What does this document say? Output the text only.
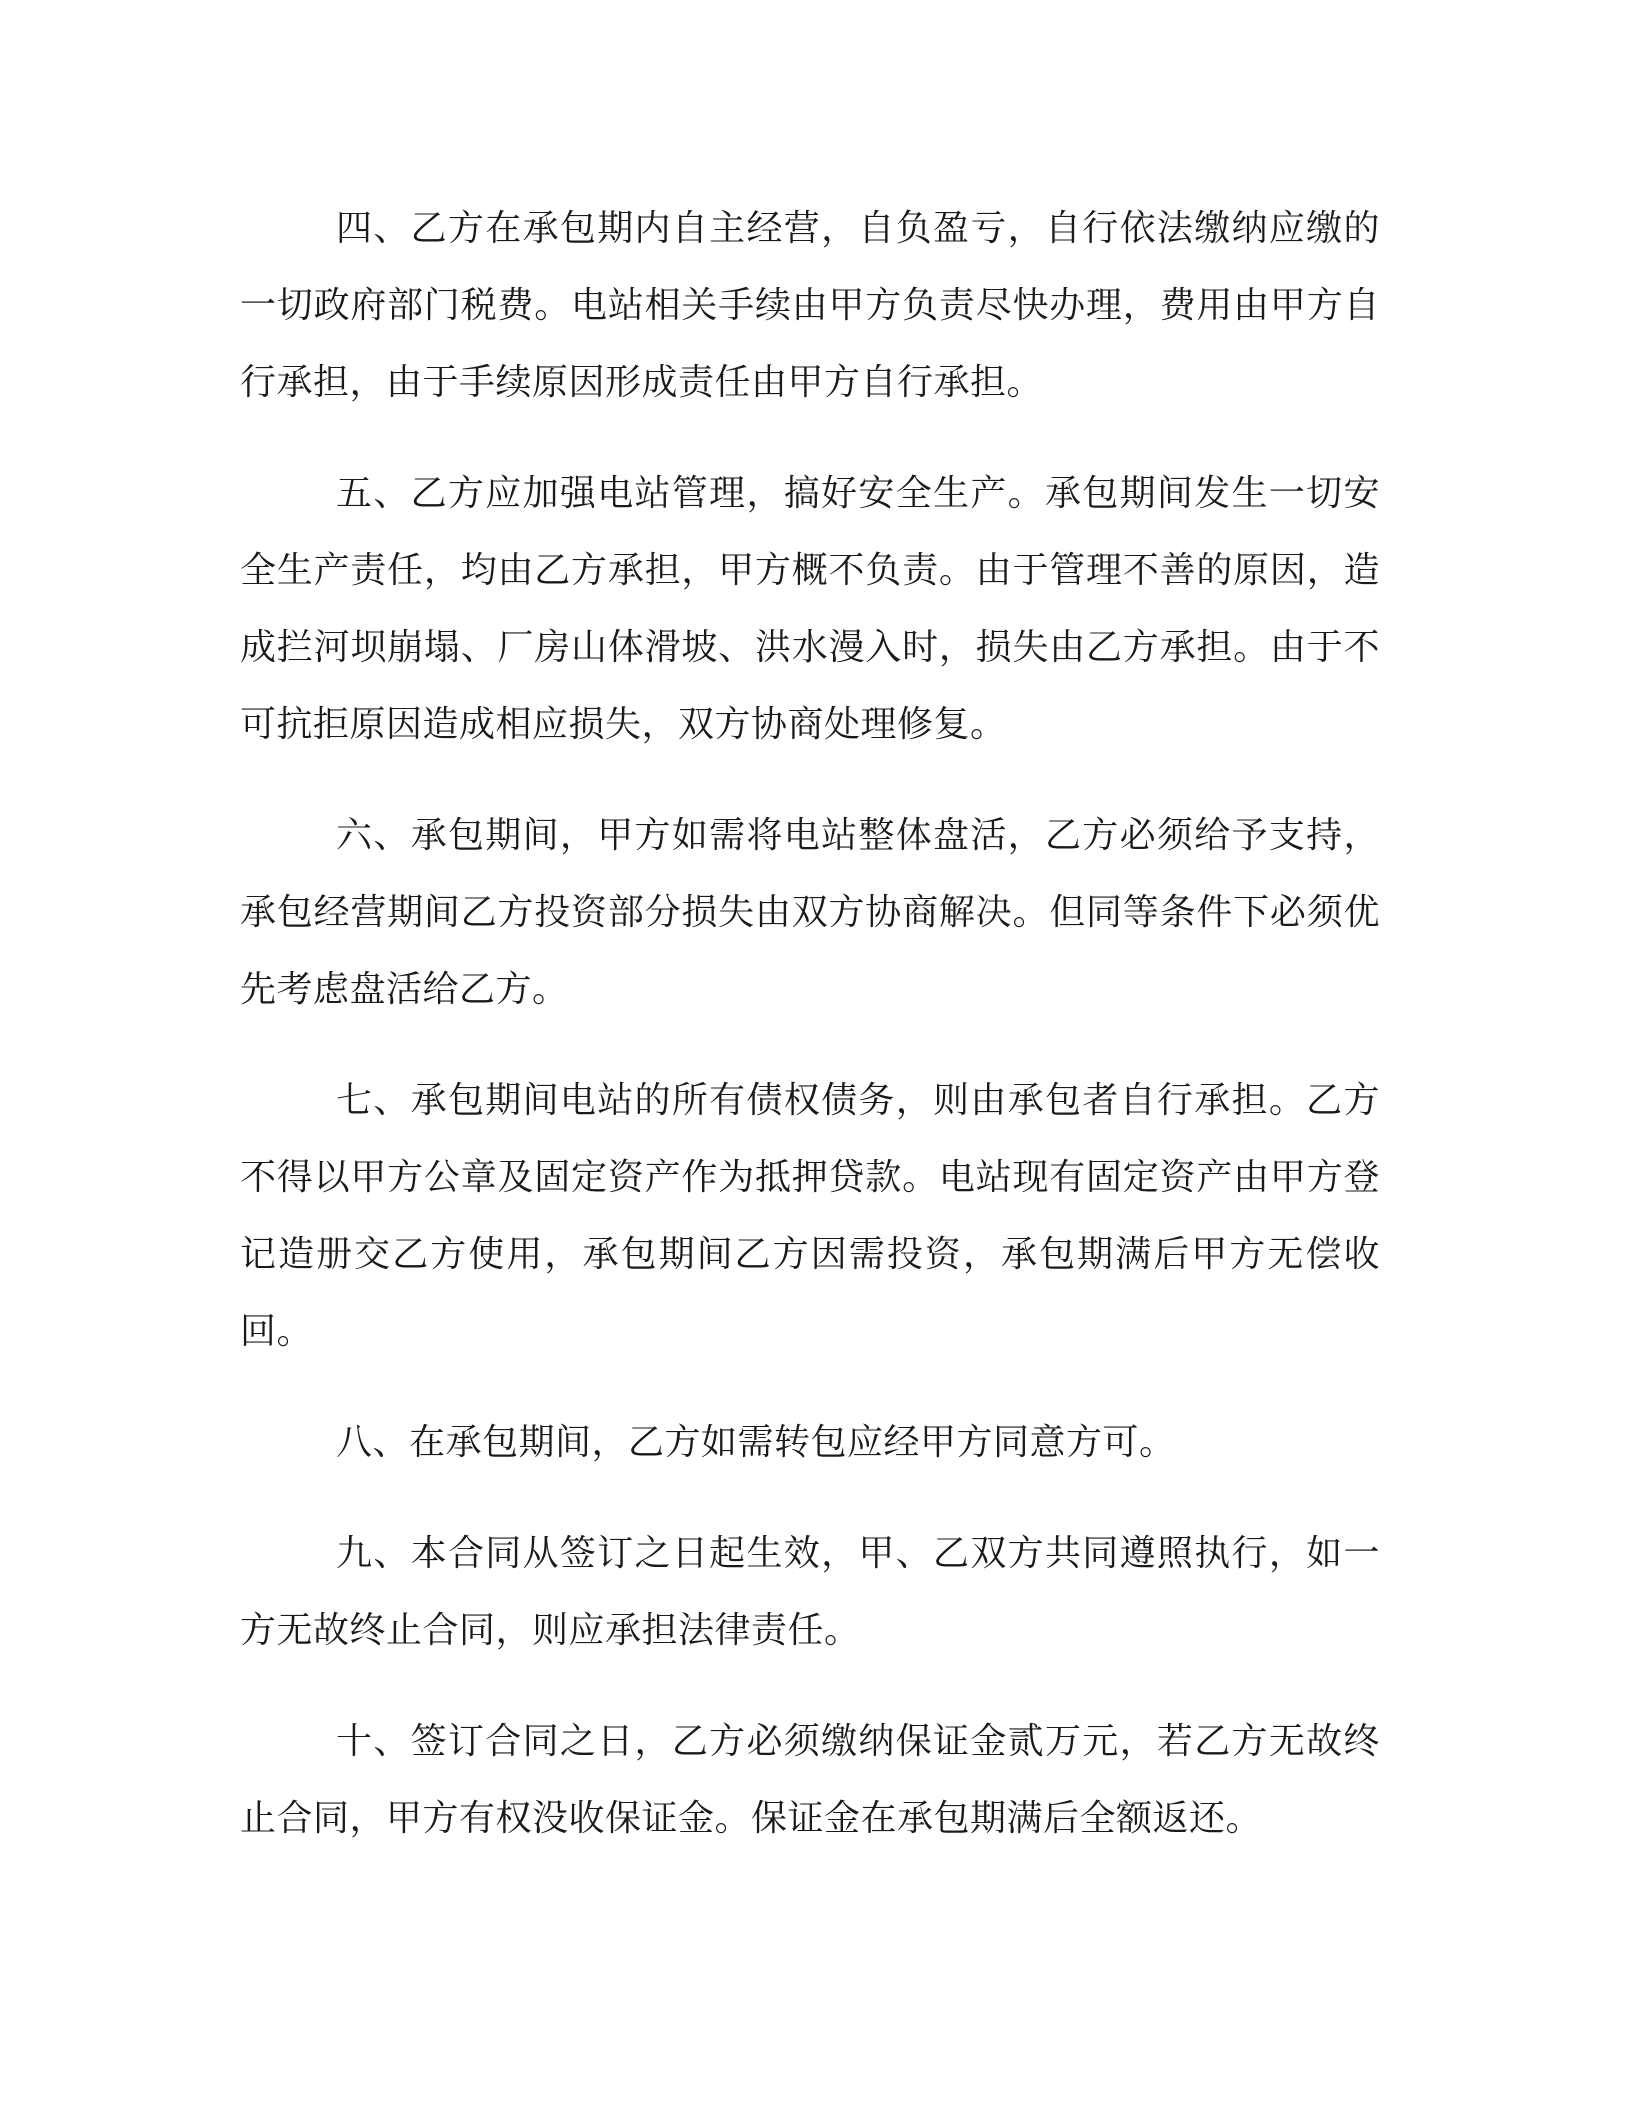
四、乙方在承包期内自主经营，自负盈亏，自行依法缴纳应缴的一切政府部门税费。电站相关手续由甲方负责尽快办理，费用由甲方自行承担，由于手续原因形成责任由甲方自行承担。

五、乙方应加强电站管理，搞好安全生产。承包期间发生一切安全生产责任，均由乙方承担，甲方概不负责。由于管理不善的原因，造成拦河坝崩塌、厂房山体滑坡、洪水漫入时，损失由乙方承担。由于不可抗拒原因造成相应损失，双方协商处理修复。

六、承包期间，甲方如需将电站整体盘活，乙方必须给予支持，承包经营期间乙方投资部分损失由双方协商解决。但同等条件下必须优先考虑盘活给乙方。

七、承包期间电站的所有债权债务，则由承包者自行承担。乙方不得以甲方公章及固定资产作为抵押贷款。电站现有固定资产由甲方登记造册交乙方使用，承包期间乙方因需投资，承包期满后甲方无偿收回。

八、在承包期间，乙方如需转包应经甲方同意方可。

九、本合同从签订之日起生效，甲、乙双方共同遵照执行，如一方无故终止合同，则应承担法律责任。

十、签订合同之日，乙方必须缴纳保证金贰万元，若乙方无故终止合同，甲方有权没收保证金。保证金在承包期满后全额返还。
